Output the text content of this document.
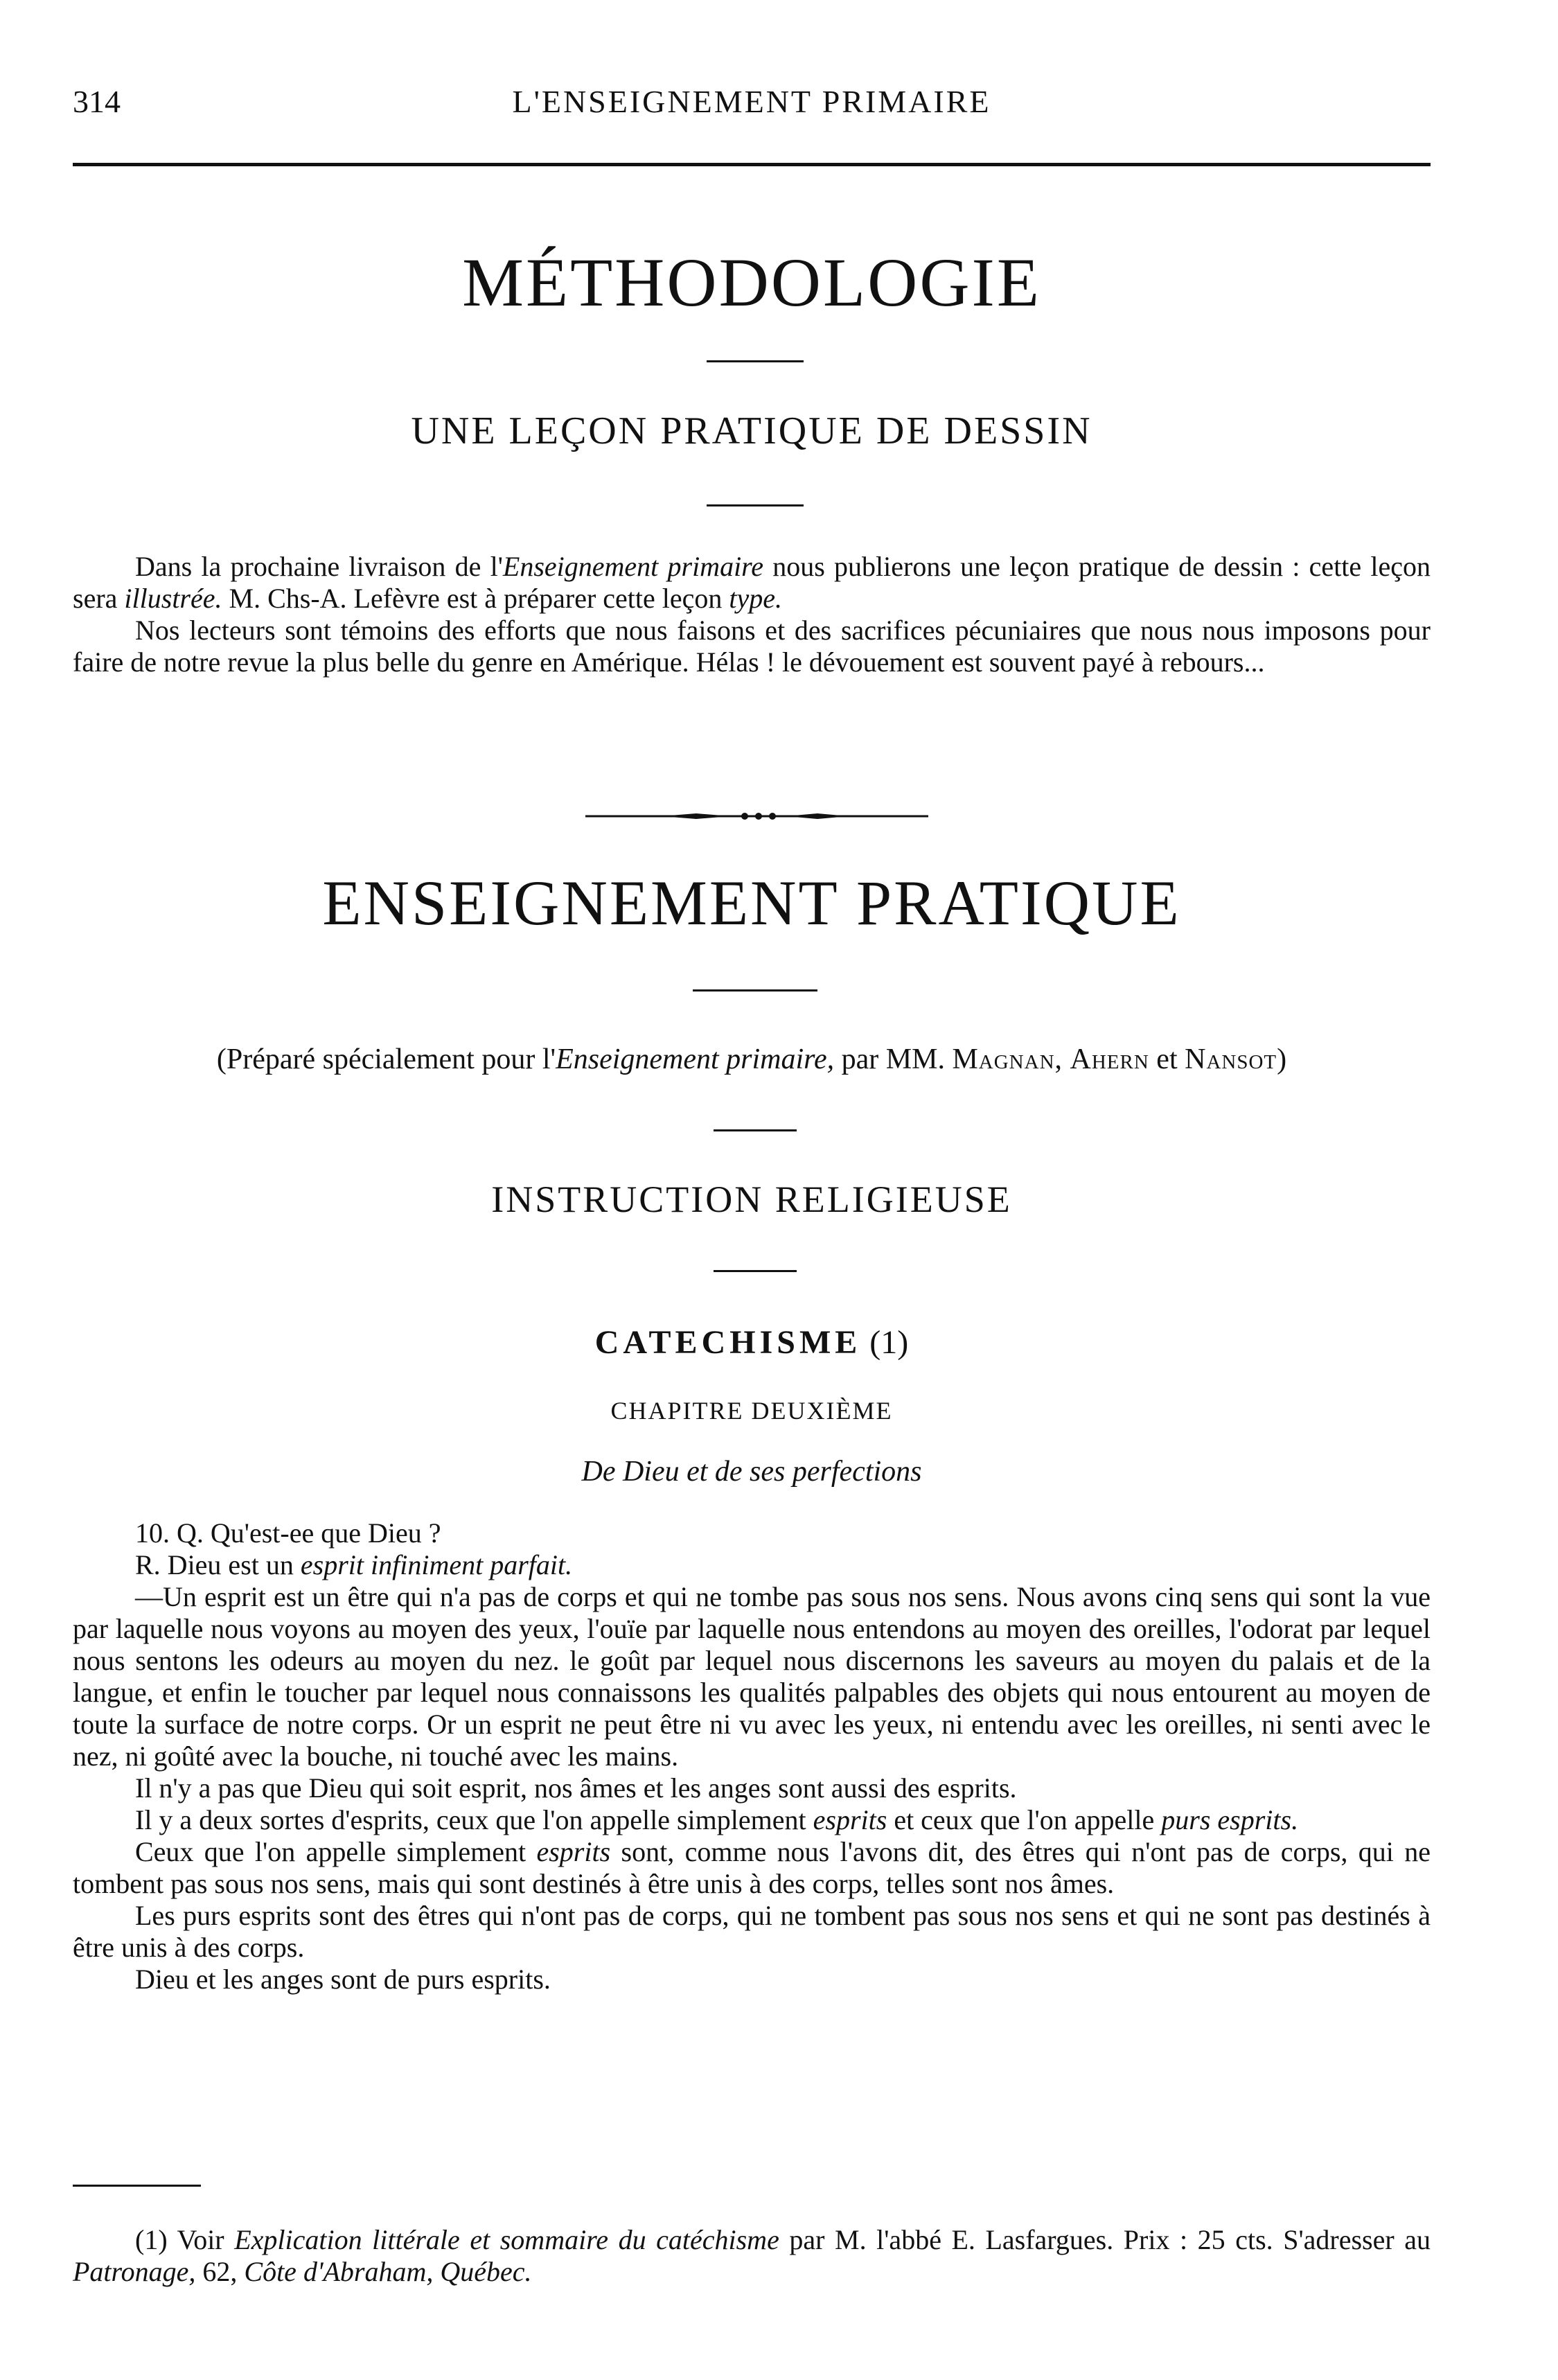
314	L'ENSEIGNEMENT PRIMAIRE
MÉTHODOLOGIE
UNE LEÇON PRATIQUE DE DESSIN

Dans la prochaine livraison de l'Enseignement primaire nous publierons une leçon pratique de dessin : cette leçon sera illustrée. M. Chs-A. Lefèvre est à préparer cette leçon type.

Nos lecteurs sont témoins des efforts que nous faisons et des sacrifices pécuniaires que nous nous imposons pour faire de notre revue la plus belle du genre en Amérique. Hélas ! le dévouement est souvent payé à rebours...

ENSEIGNEMENT PRATIQUE
(Préparé spécialement pour l'Enseignement primaire, par MM. Magnan, Ahern et Nansot)
INSTRUCTION RELIGIEUSE
CATECHISME (1)
CHAPITRE DEUXIÈME
De Dieu et de ses perfections

10. Q. Qu'est-ee que Dieu ?

R. Dieu est un esprit infiniment parfait.

—Un esprit est un être qui n'a pas de corps et qui ne tombe pas sous nos sens. Nous avons cinq sens qui sont la vue par laquelle nous voyons au moyen des yeux, l'ouïe par laquelle nous entendons au moyen des oreilles, l'odorat par lequel nous sentons les odeurs au moyen du nez. le goût par lequel nous discernons les saveurs au moyen du palais et de la langue, et enfin le toucher par lequel nous connaissons les qualités palpables des objets qui nous entourent au moyen de toute la surface de notre corps. Or un esprit ne peut être ni vu avec les yeux, ni entendu avec les oreilles, ni senti avec le nez, ni goûté avec la bouche, ni touché avec les mains.

Il n'y a pas que Dieu qui soit esprit, nos âmes et les anges sont aussi des esprits.

Il y a deux sortes d'esprits, ceux que l'on appelle simplement esprits et ceux que l'on appelle purs esprits.

Ceux que l'on appelle simplement esprits sont, comme nous l'avons dit, des êtres qui n'ont pas de corps, qui ne tombent pas sous nos sens, mais qui sont destinés à être unis à des corps, telles sont nos âmes.

Les purs esprits sont des êtres qui n'ont pas de corps, qui ne tombent pas sous nos sens et qui ne sont pas destinés à être unis à des corps.

Dieu et les anges sont de purs esprits.

(1) Voir Explication littérale et sommaire du catéchisme par M. l'abbé E. Lasfargues. Prix : 25 cts. S'adresser au Patronage, 62, Côte d'Abraham, Québec.
